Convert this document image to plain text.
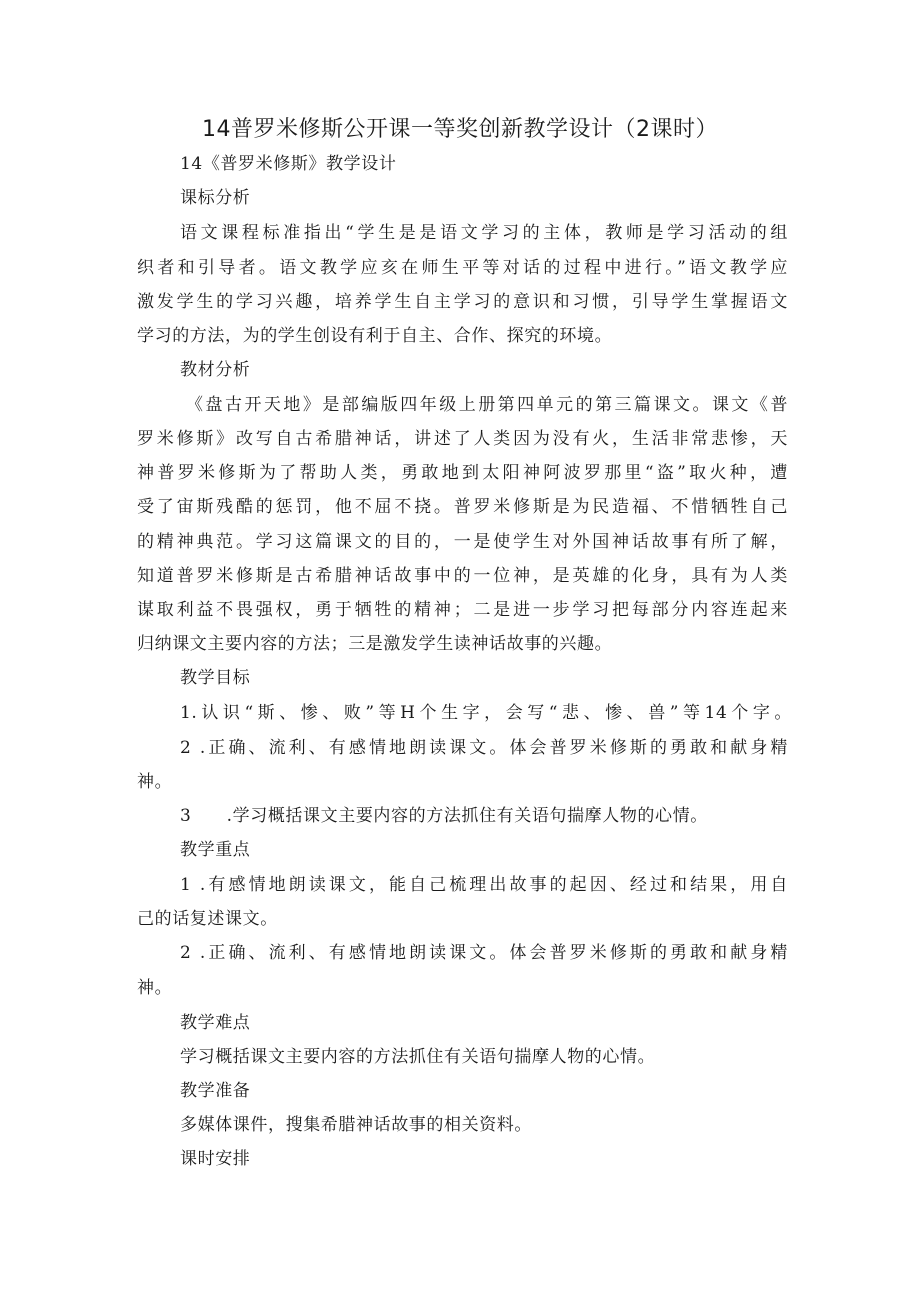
14普罗米修斯公开课一等奖创新教学设计（2课时）
14《普罗米修斯》教学设计
课标分析
语文课程标准指出“学生是是语文学习的主体，教师是学习活动的组
织者和引导者。语文教学应亥在师生平等对话的过程中进行。”语文教学应
激发学生的学习兴趣，培养学生自主学习的意识和习惯，引导学生掌握语文
学习的方法，为的学生创设有利于自主、合作、探究的环境。
教材分析
《盘古开天地》是部编版四年级上册第四单元的第三篇课文。课文《普
罗米修斯》改写自古希腊神话，讲述了人类因为没有火，生活非常悲惨，天
神普罗米修斯为了帮助人类，勇敢地到太阳神阿波罗那里“盗”取火种，遭
受了宙斯残酷的惩罚，他不屈不挠。普罗米修斯是为民造福、不惜牺牲自己
的精神典范。学习这篇课文的目的，一是使学生对外国神话故事有所了解，
知道普罗米修斯是古希腊神话故事中的一位神，是英雄的化身，具有为人类
谋取利益不畏强权，勇于牺牲的精神；二是进一步学习把每部分内容连起来
归纳课文主要内容的方法；三是激发学生读神话故事的兴趣。
教学目标
1.认识“斯、惨、败”等H个生字，会写“悲、惨、兽”等14个字。
2 .正确、流利、有感情地朗读课文。体会普罗米修斯的勇敢和献身精
神。
3　　.学习概括课文主要内容的方法抓住有关语句揣摩人物的心情。
教学重点
1 .有感情地朗读课文，能自己梳理出故事的起因、经过和结果，用自
己的话复述课文。
2 .正确、流利、有感情地朗读课文。体会普罗米修斯的勇敢和献身精
神。
教学难点
学习概括课文主要内容的方法抓住有关语句揣摩人物的心情。
教学准备
多媒体课件，搜集希腊神话故事的相关资料。
课时安排
